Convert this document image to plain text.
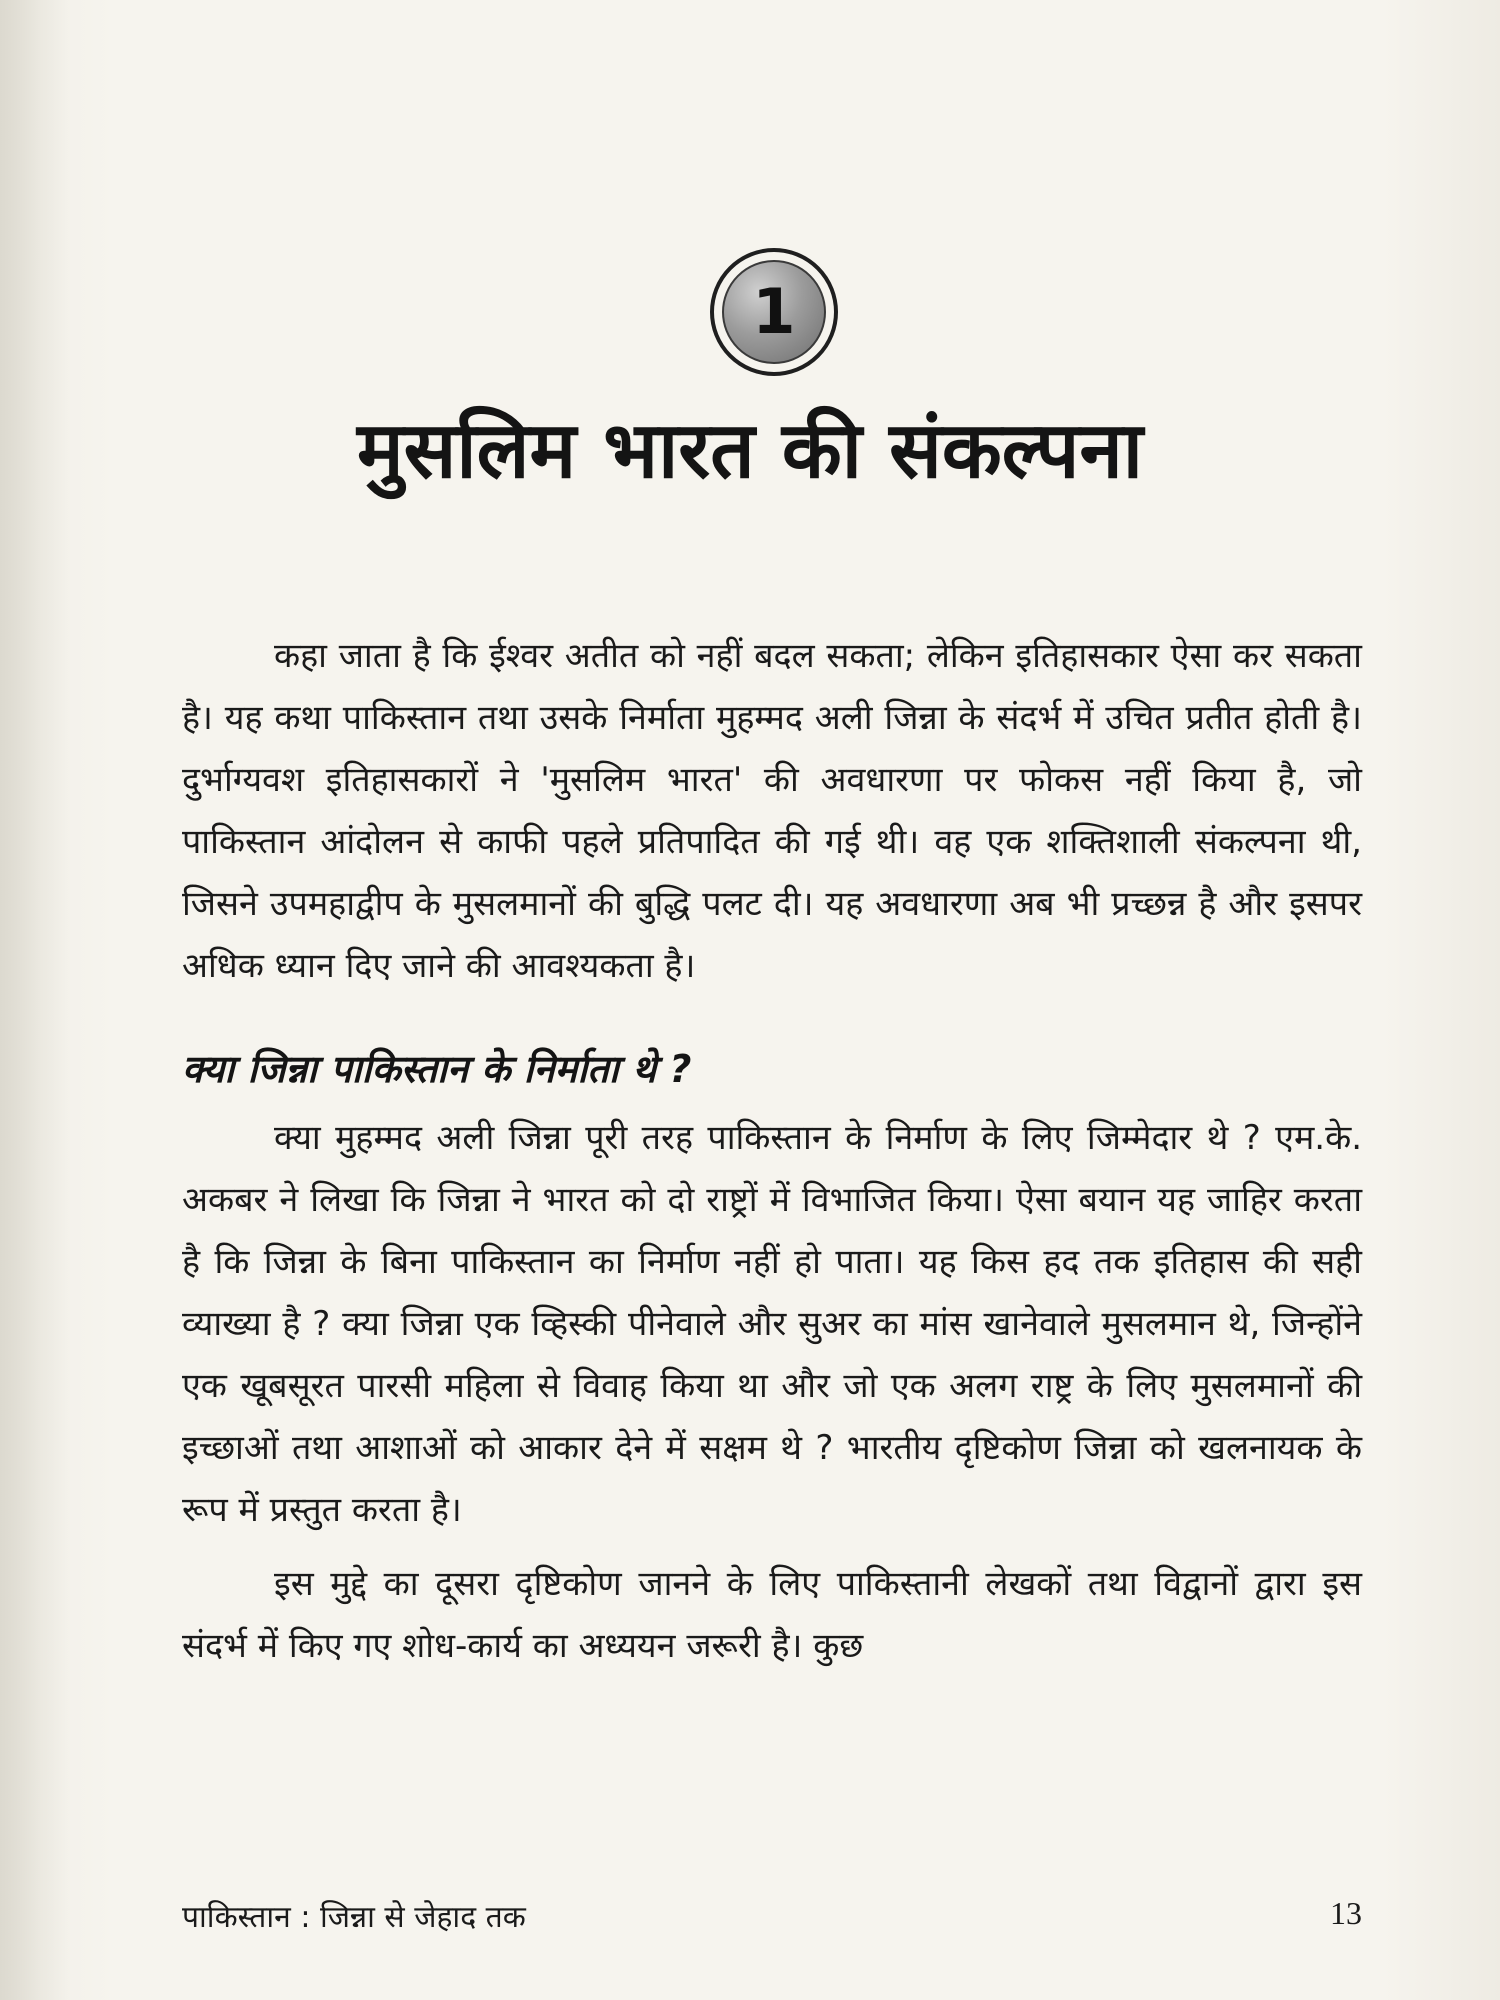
1
मुसलिम भारत की संकल्पना

कहा जाता है कि ईश्वर अतीत को नहीं बदल सकता; लेकिन इतिहासकार ऐसा कर सकता है। यह कथा पाकिस्तान तथा उसके निर्माता मुहम्मद अली जिन्ना के संदर्भ में उचित प्रतीत होती है। दुर्भाग्यवश इतिहासकारों ने 'मुसलिम भारत' की अवधारणा पर फोकस नहीं किया है, जो पाकिस्तान आंदोलन से काफी पहले प्रतिपादित की गई थी। वह एक शक्तिशाली संकल्पना थी, जिसने उपमहाद्वीप के मुसलमानों की बुद्धि पलट दी। यह अवधारणा अब भी प्रच्छन्न है और इसपर अधिक ध्यान दिए जाने की आवश्यकता है।

क्या जिन्ना पाकिस्तान के निर्माता थे ?

क्या मुहम्मद अली जिन्ना पूरी तरह पाकिस्तान के निर्माण के लिए जिम्मेदार थे ? एम.के. अकबर ने लिखा कि जिन्ना ने भारत को दो राष्ट्रों में विभाजित किया। ऐसा बयान यह जाहिर करता है कि जिन्ना के बिना पाकिस्तान का निर्माण नहीं हो पाता। यह किस हद तक इतिहास की सही व्याख्या है ? क्या जिन्ना एक व्हिस्की पीनेवाले और सुअर का मांस खानेवाले मुसलमान थे, जिन्होंने एक खूबसूरत पारसी महिला से विवाह किया था और जो एक अलग राष्ट्र के लिए मुसलमानों की इच्छाओं तथा आशाओं को आकार देने में सक्षम थे ? भारतीय दृष्टिकोण जिन्ना को खलनायक के रूप में प्रस्तुत करता है।

इस मुद्दे का दूसरा दृष्टिकोण जानने के लिए पाकिस्तानी लेखकों तथा विद्वानों द्वारा इस संदर्भ में किए गए शोध-कार्य का अध्ययन जरूरी है। कुछ

पाकिस्तान : जिन्ना से जेहाद तक	13
